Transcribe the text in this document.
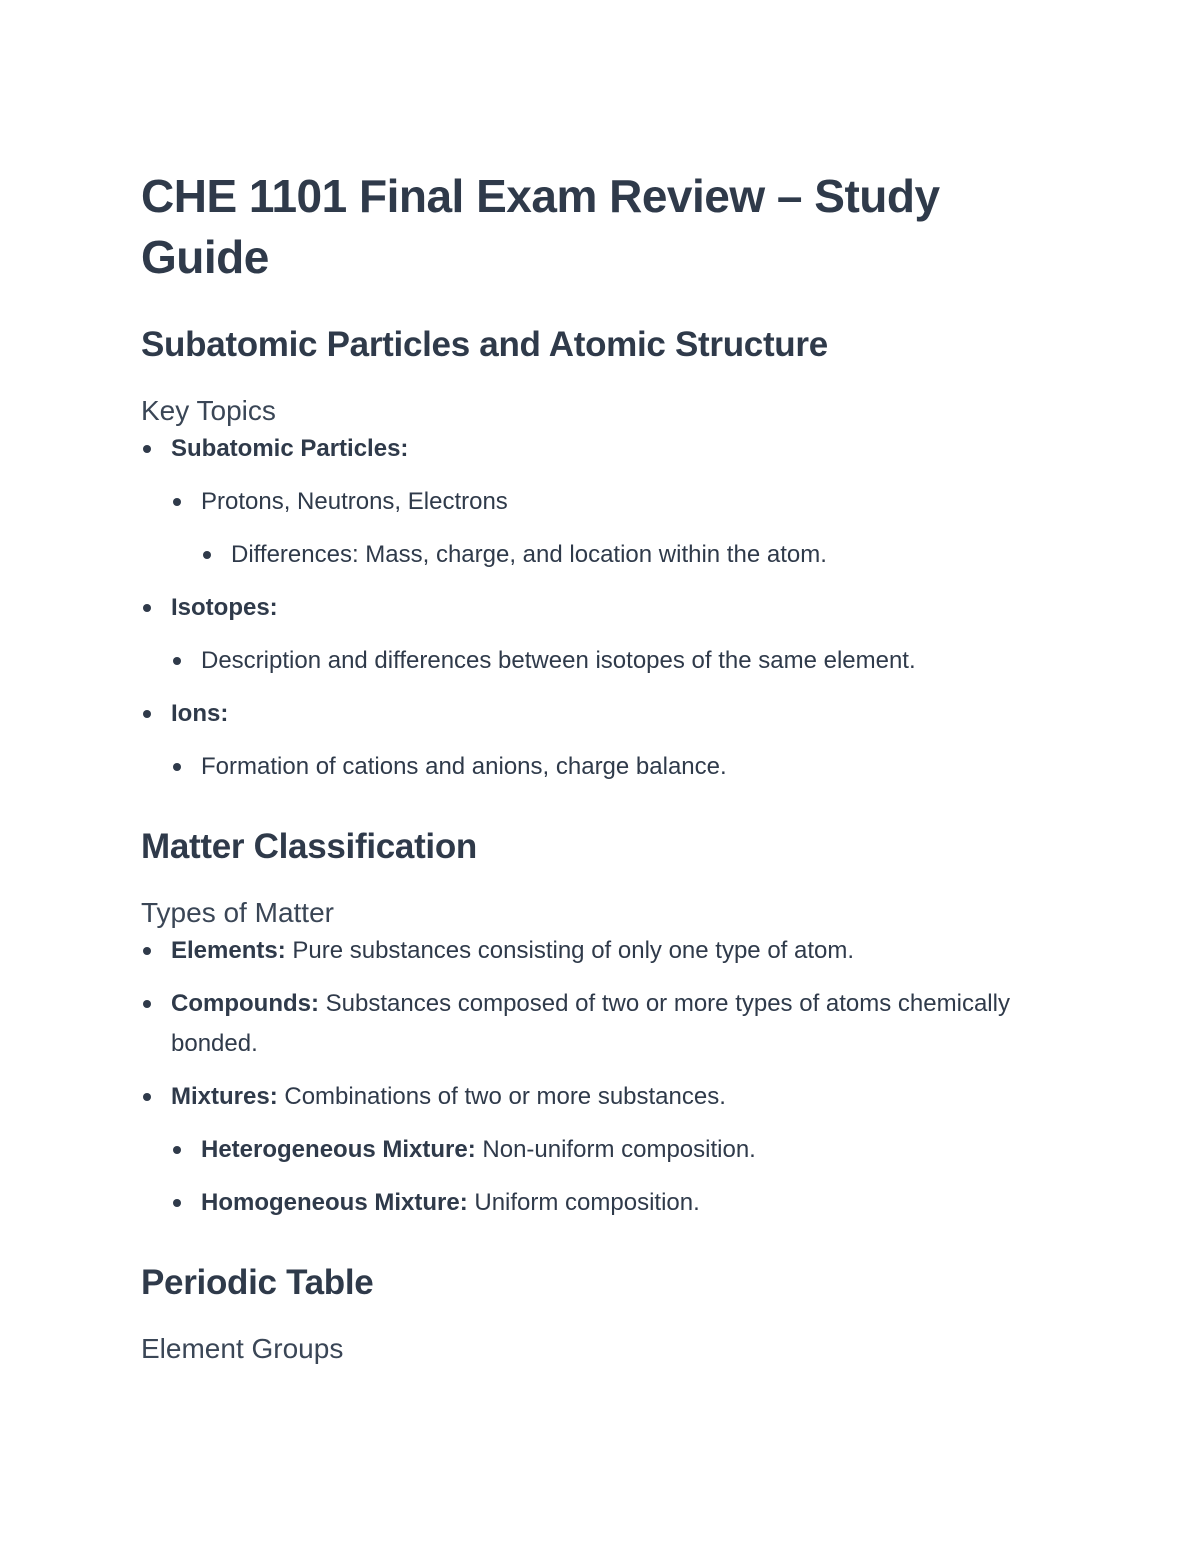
CHE 1101 Final Exam Review – Study Guide
Subatomic Particles and Atomic Structure
Key Topics
Subatomic Particles:
Protons, Neutrons, Electrons
Differences: Mass, charge, and location within the atom.
Isotopes:
Description and differences between isotopes of the same element.
Ions:
Formation of cations and anions, charge balance.
Matter Classification
Types of Matter
Elements: Pure substances consisting of only one type of atom.
Compounds: Substances composed of two or more types of atoms chemically bonded.
Mixtures: Combinations of two or more substances.
Heterogeneous Mixture: Non-uniform composition.
Homogeneous Mixture: Uniform composition.
Periodic Table
Element Groups
